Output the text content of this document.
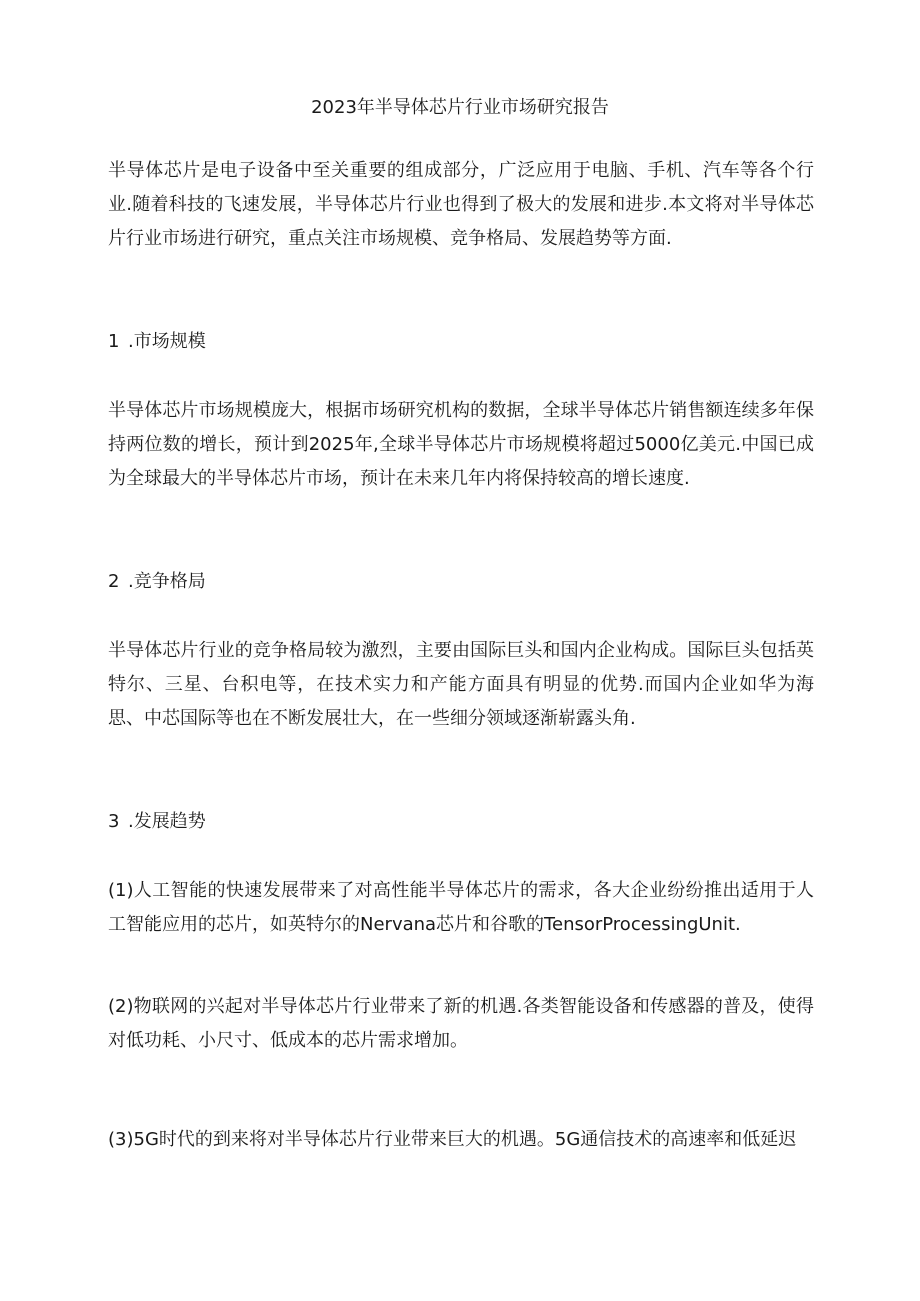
2023年半导体芯片行业市场研究报告

半导体芯片是电子设备中至关重要的组成部分，广泛应用于电脑、手机、汽车等各个行业.随着科技的飞速发展，半导体芯片行业也得到了极大的发展和进步.本文将对半导体芯片行业市场进行研究，重点关注市场规模、竞争格局、发展趋势等方面.

1 .市场规模

半导体芯片市场规模庞大，根据市场研究机构的数据，全球半导体芯片销售额连续多年保持两位数的增长，预计到2025年,全球半导体芯片市场规模将超过5000亿美元.中国已成为全球最大的半导体芯片市场，预计在未来几年内将保持较高的增长速度.

2 .竞争格局

半导体芯片行业的竞争格局较为激烈，主要由国际巨头和国内企业构成。国际巨头包括英特尔、三星、台积电等，在技术实力和产能方面具有明显的优势.而国内企业如华为海思、中芯国际等也在不断发展壮大，在一些细分领域逐渐崭露头角.

3 .发展趋势

(1)人工智能的快速发展带来了对高性能半导体芯片的需求，各大企业纷纷推出适用于人工智能应用的芯片，如英特尔的Nervana芯片和谷歌的TensorProcessingUnit.

(2)物联网的兴起对半导体芯片行业带来了新的机遇.各类智能设备和传感器的普及，使得对低功耗、小尺寸、低成本的芯片需求增加。

(3)5G时代的到来将对半导体芯片行业带来巨大的机遇。5G通信技术的高速率和低延迟
